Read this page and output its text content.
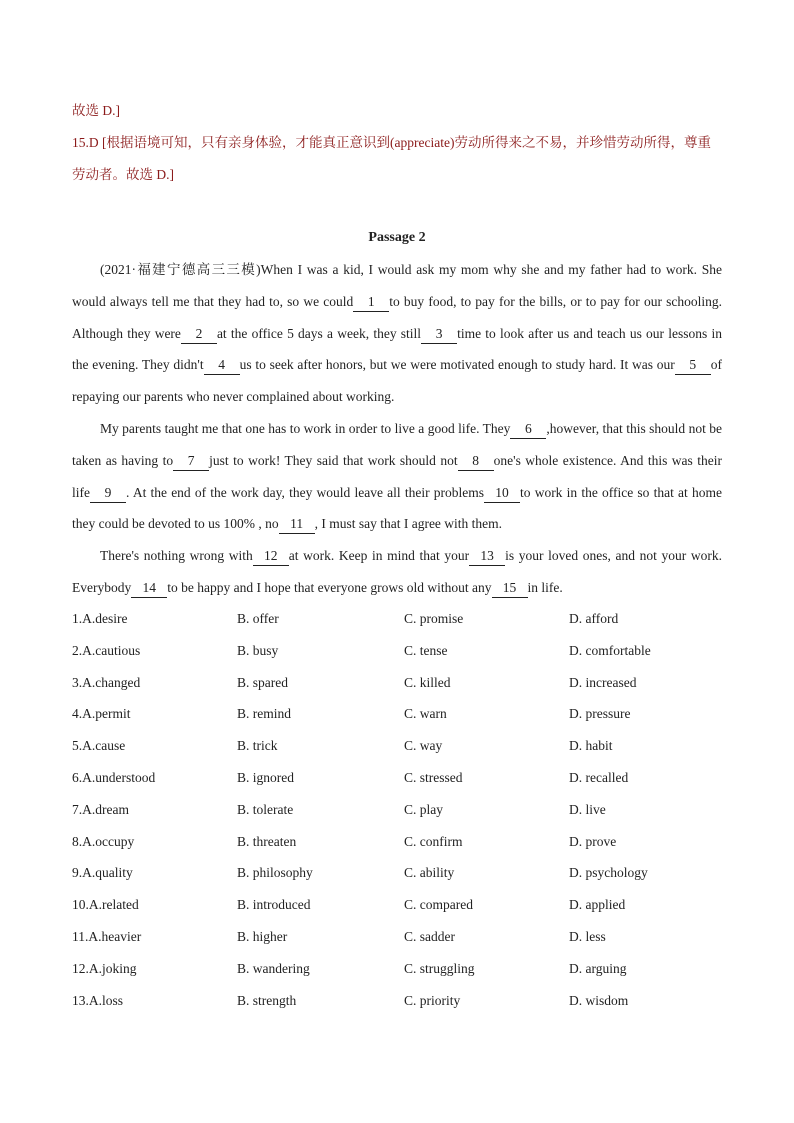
故选 D.]

15.D [根据语境可知，只有亲身体验，才能真正意识到(appreciate)劳动所得来之不易，并珍惜劳动所得，尊重劳动者。故选 D.]

Passage 2

(2021·福建宁德高三三模)When I was a kid, I would ask my mom why she and my father had to work. She would always tell me that they had to, so we could 1 to buy food, to pay for the bills, or to pay for our schooling. Although they were 2 at the office 5 days a week, they still 3 time to look after us and teach us our lessons in the evening. They didn't 4 us to seek after honors, but we were motivated enough to study hard. It was our 5 of repaying our parents who never complained about working.

My parents taught me that one has to work in order to live a good life. They 6 ,however, that this should not be taken as having to 7 just to work! They said that work should not 8 one's whole existence. And this was their life 9 . At the end of the work day, they would leave all their problems 10 to work in the office so that at home they could be devoted to us 100% , no 11 , I must say that I agree with them.

There's nothing wrong with 12 at work. Keep in mind that your 13 is your loved ones, and not your work. Everybody 14 to be happy and I hope that everyone grows old without any 15 in life.

1.A.desire	B. offer	C. promise	D. afford
2.A.cautious	B. busy	C. tense	D. comfortable
3.A.changed	B. spared	C. killed	D. increased
4.A.permit	B. remind	C. warn	D. pressure
5.A.cause	B. trick	C. way	D. habit
6.A.understood	B. ignored	C. stressed	D. recalled
7.A.dream	B. tolerate	C. play	D. live
8.A.occupy	B. threaten	C. confirm	D. prove
9.A.quality	B. philosophy	C. ability	D. psychology
10.A.related	B. introduced	C. compared	D. applied
11.A.heavier	B. higher	C. sadder	D. less
12.A.joking	B. wandering	C. struggling	D. arguing
13.A.loss	B. strength	C. priority	D. wisdom
